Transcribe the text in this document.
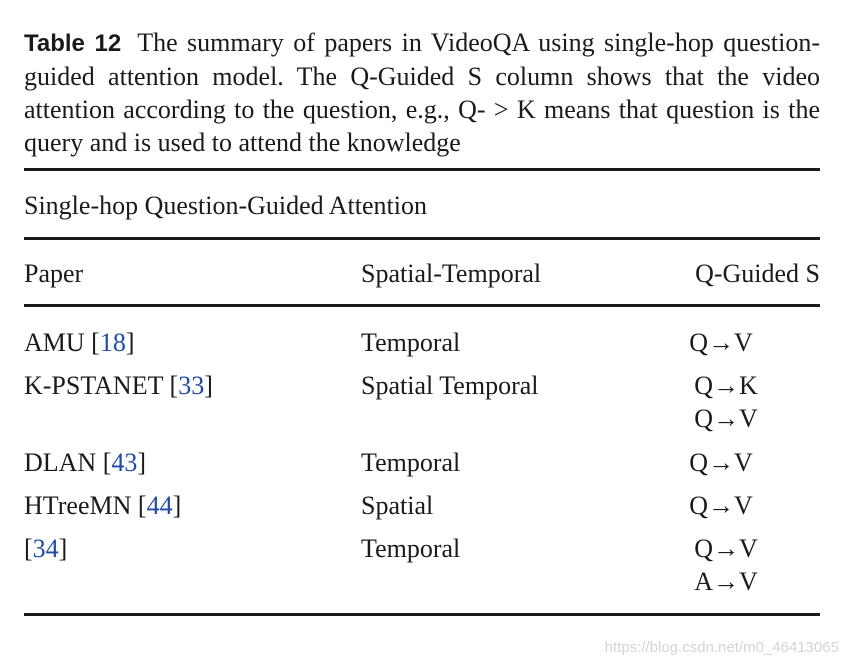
Table 12 The summary of papers in VideoQA using single-hop question-guided attention model. The Q-Guided S column shows that the video attention according to the question, e.g., Q- > K means that question is the query and is used to attend the knowledge
Single-hop Question-Guided Attention
Paper	Spatial-Temporal	Q-Guided S
AMU [18]	Temporal	Q→V
K-PSTANET [33]	Spatial Temporal	Q→K
Q→V
DLAN [43]	Temporal	Q→V
HTreeMN [44]	Spatial	Q→V
[34]	Temporal	Q→V
A→V
https://blog.csdn.net/m0_46413065
